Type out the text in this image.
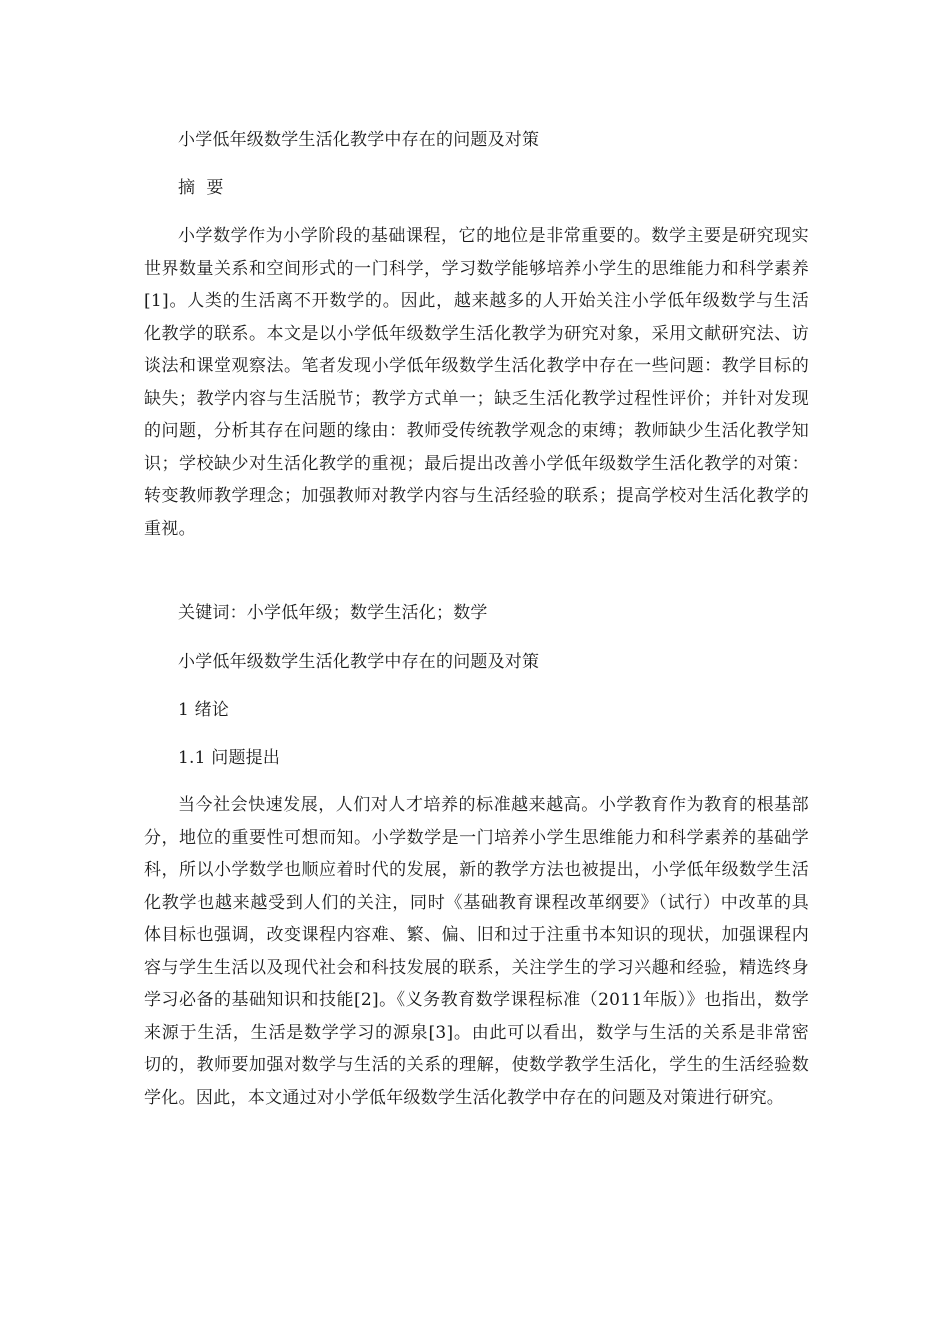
小学低年级数学生活化教学中存在的问题及对策
摘  要
小学数学作为小学阶段的基础课程，它的地位是非常重要的。数学主要是研究现实世界数量关系和空间形式的一门科学，学习数学能够培养小学生的思维能力和科学素养[1]。人类的生活离不开数学的。因此，越来越多的人开始关注小学低年级数学与生活化教学的联系。本文是以小学低年级数学生活化教学为研究对象，采用文献研究法、访谈法和课堂观察法。笔者发现小学低年级数学生活化教学中存在一些问题：教学目标的缺失；教学内容与生活脱节；教学方式单一；缺乏生活化教学过程性评价；并针对发现的问题，分析其存在问题的缘由：教师受传统教学观念的束缚；教师缺少生活化教学知识；学校缺少对生活化教学的重视；最后提出改善小学低年级数学生活化教学的对策：转变教师教学理念；加强教师对教学内容与生活经验的联系；提高学校对生活化教学的重视。
关键词：小学低年级；数学生活化；数学
小学低年级数学生活化教学中存在的问题及对策
1 绪论
1.1 问题提出
当今社会快速发展，人们对人才培养的标准越来越高。小学教育作为教育的根基部分，地位的重要性可想而知。小学数学是一门培养小学生思维能力和科学素养的基础学科，所以小学数学也顺应着时代的发展，新的教学方法也被提出，小学低年级数学生活化教学也越来越受到人们的关注，同时《基础教育课程改革纲要》（试行）中改革的具体目标也强调，改变课程内容难、繁、偏、旧和过于注重书本知识的现状，加强课程内容与学生生活以及现代社会和科技发展的联系，关注学生的学习兴趣和经验，精选终身学习必备的基础知识和技能[2]。《义务教育数学课程标准（2011年版）》也指出，数学来源于生活，生活是数学学习的源泉[3]。由此可以看出，数学与生活的关系是非常密切的，教师要加强对数学与生活的关系的理解，使数学教学生活化，学生的生活经验数学化。因此，本文通过对小学低年级数学生活化教学中存在的问题及对策进行研究。
